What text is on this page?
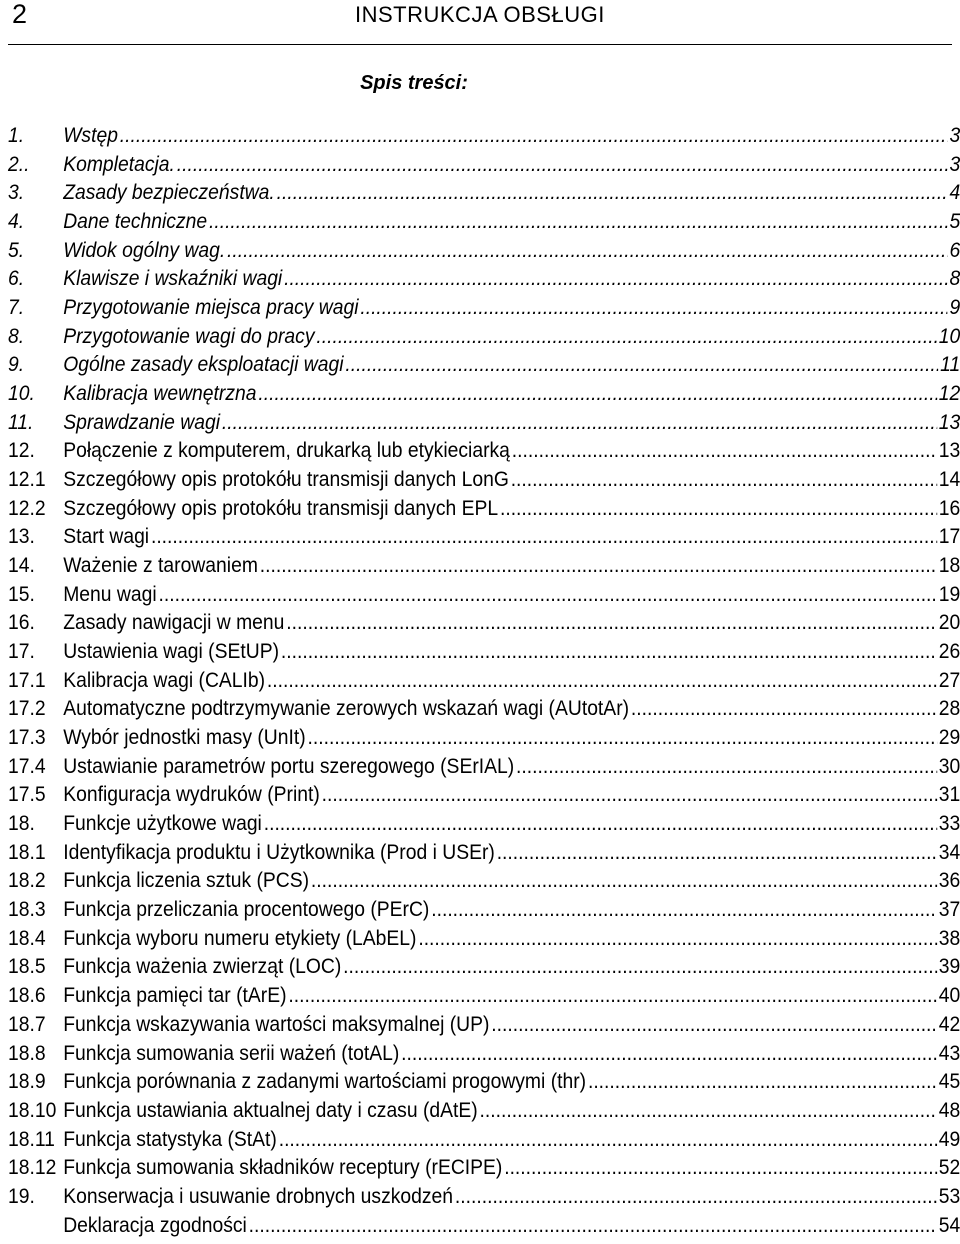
2	INSTRUKCJA OBSŁUGI
Spis treści:
1.	Wstęp .....	3
2..	Kompletacja. .....	3
3.	Zasady bezpieczeństwa. .....	4
4.	Dane techniczne .....	5
5.	Widok ogólny wag. .....	6
6.	Klawisze i wskaźniki wagi .....	8
7.	Przygotowanie miejsca pracy wagi .....	9
8.	Przygotowanie wagi do pracy .....	10
9.	Ogólne zasady eksploatacji wagi .....	11
10.	Kalibracja wewnętrzna .....	12
11.	Sprawdzanie wagi .....	13
12.	Połączenie z komputerem, drukarką lub etykieciarką .....	13
12.1 Szczegółowy opis protokółu transmisji danych LonG .....	14
12.2 Szczegółowy opis protokółu transmisji danych EPL .....	16
13.	Start wagi .....	17
14.	Ważenie z tarowaniem .....	18
15.	Menu wagi .....	19
16.	Zasady nawigacji w menu .....	20
17.	Ustawienia wagi (SEtUP) .....	26
17.1 Kalibracja wagi (CALIb) .....	27
17.2 Automatyczne podtrzymywanie zerowych wskazań wagi (AUtotAr) .....	28
17.3 Wybór jednostki masy (UnIt) .....	29
17.4 Ustawianie parametrów portu szeregowego (SErIAL) .....	30
17.5 Konfiguracja wydruków (Print) .....	31
18.	Funkcje użytkowe wagi .....	33
18.1 Identyfikacja produktu i Użytkownika (Prod i USEr) .....	34
18.2 Funkcja liczenia sztuk (PCS) .....	36
18.3 Funkcja przeliczania procentowego (PErC) .....	37
18.4 Funkcja wyboru numeru etykiety (LAbEL) .....	38
18.5 Funkcja ważenia zwierząt (LOC) .....	39
18.6 Funkcja pamięci tar (tArE) .....	40
18.7 Funkcja wskazywania wartości maksymalnej (UP) .....	42
18.8 Funkcja sumowania serii ważeń (totAL) .....	43
18.9 Funkcja porównania z zadanymi wartościami progowymi (thr) .....	45
18.10 Funkcja ustawiania aktualnej daty i czasu (dAtE) .....	48
18.11 Funkcja statystyka (StAt) .....	49
18.12 Funkcja sumowania składników receptury (rECIPE) .....	52
19.	Konserwacja i usuwanie drobnych uszkodzeń .....	53
Deklaracja zgodności .....	54
